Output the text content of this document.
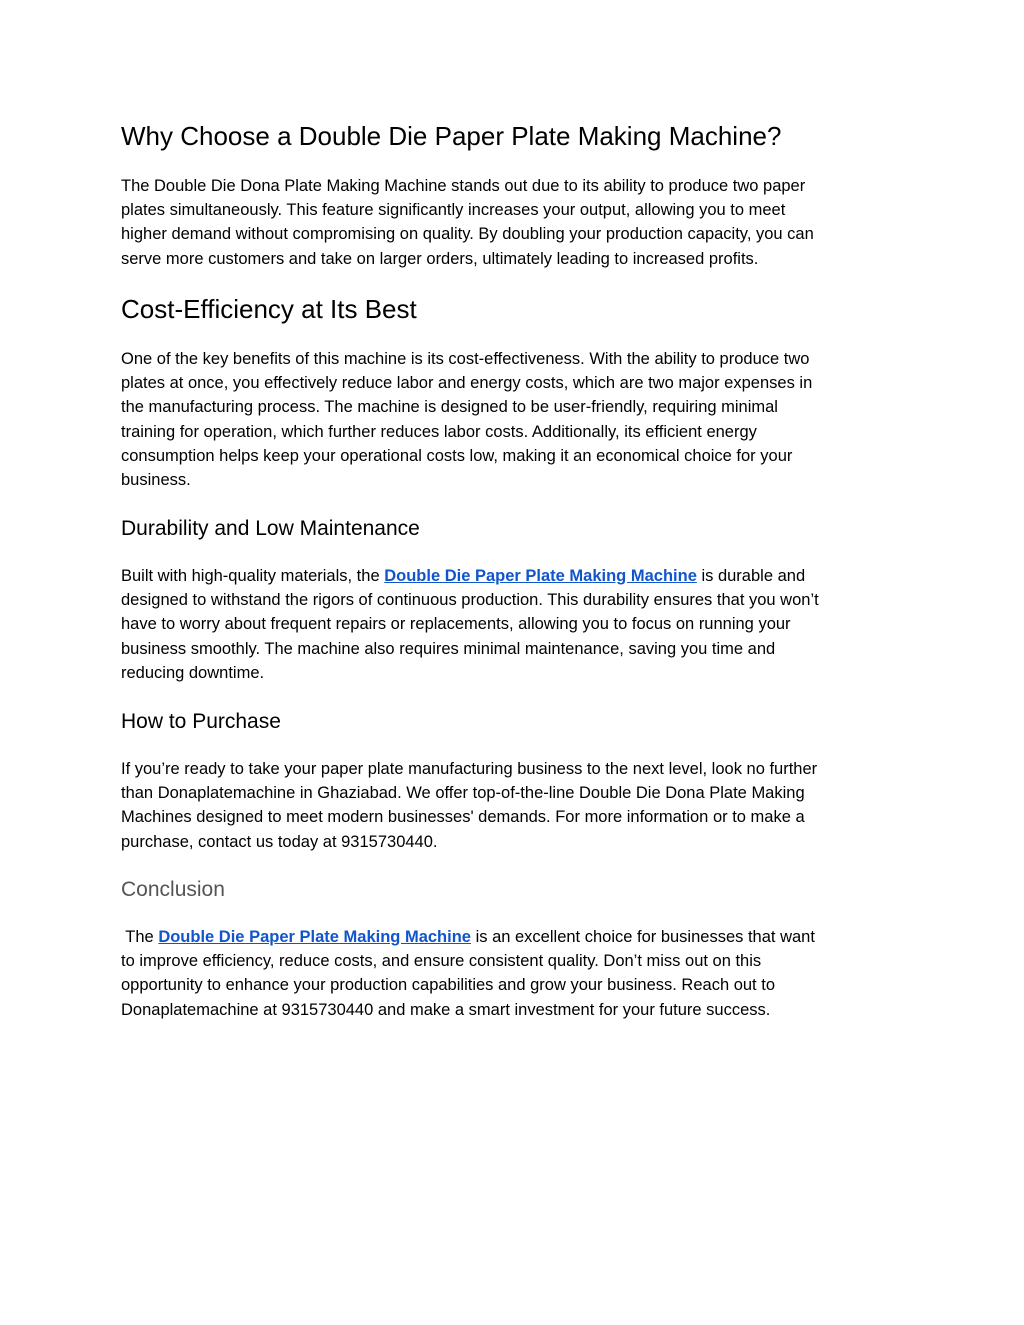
Why Choose a Double Die Paper Plate Making Machine?

The Double Die Dona Plate Making Machine stands out due to its ability to produce two paper
plates simultaneously. This feature significantly increases your output, allowing you to meet
higher demand without compromising on quality. By doubling your production capacity, you can
serve more customers and take on larger orders, ultimately leading to increased profits.

Cost-Efficiency at Its Best

One of the key benefits of this machine is its cost-effectiveness. With the ability to produce two
plates at once, you effectively reduce labor and energy costs, which are two major expenses in
the manufacturing process. The machine is designed to be user-friendly, requiring minimal
training for operation, which further reduces labor costs. Additionally, its efficient energy
consumption helps keep your operational costs low, making it an economical choice for your
business.

Durability and Low Maintenance

Built with high-quality materials, the Double Die Paper Plate Making Machine is durable and
designed to withstand the rigors of continuous production. This durability ensures that you won’t
have to worry about frequent repairs or replacements, allowing you to focus on running your
business smoothly. The machine also requires minimal maintenance, saving you time and
reducing downtime.

How to Purchase

If you’re ready to take your paper plate manufacturing business to the next level, look no further
than Donaplatemachine in Ghaziabad. We offer top-of-the-line Double Die Dona Plate Making
Machines designed to meet modern businesses' demands. For more information or to make a
purchase, contact us today at 9315730440.

Conclusion

The Double Die Paper Plate Making Machine is an excellent choice for businesses that want
to improve efficiency, reduce costs, and ensure consistent quality. Don’t miss out on this
opportunity to enhance your production capabilities and grow your business. Reach out to
Donaplatemachine at 9315730440 and make a smart investment for your future success.
